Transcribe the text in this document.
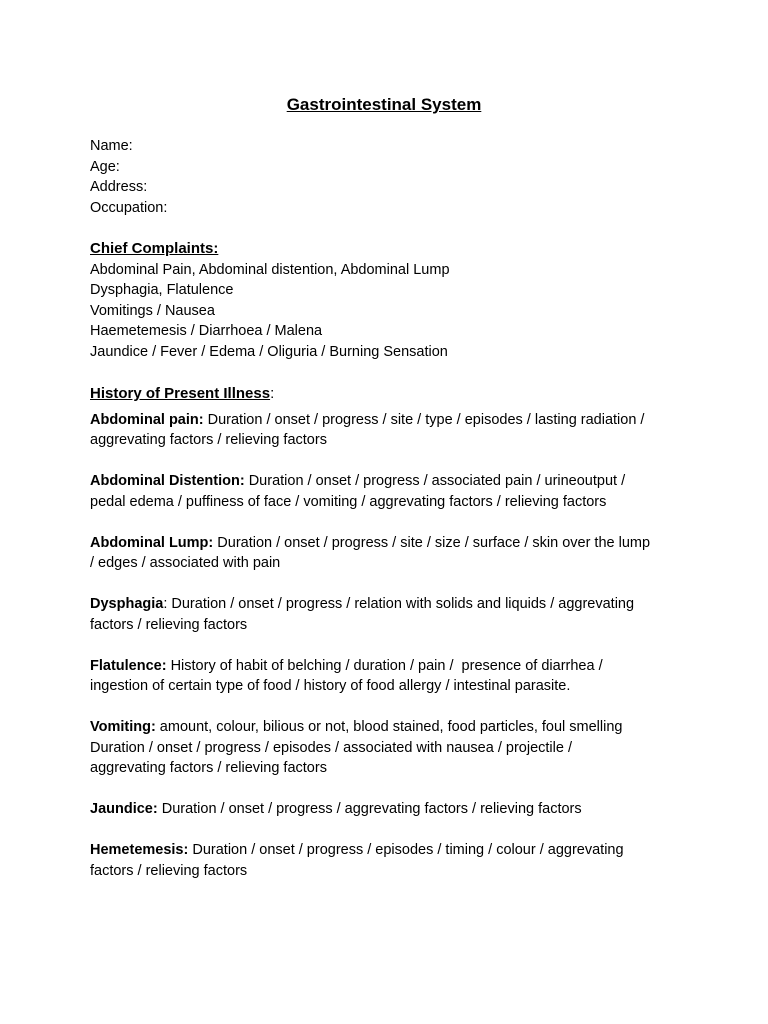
Gastrointestinal System
Name:
Age:
Address:
Occupation:
Chief Complaints:
Abdominal Pain, Abdominal distention, Abdominal Lump
Dysphagia, Flatulence
Vomitings / Nausea
Haemetemesis / Diarrhoea / Malena
Jaundice / Fever / Edema / Oliguria / Burning Sensation
History of Present Illness:
Abdominal pain: Duration / onset / progress / site / type / episodes / lasting radiation /
aggrevating factors / relieving factors
Abdominal Distention: Duration / onset / progress / associated pain / urineoutput /
pedal edema / puffiness of face / vomiting / aggrevating factors / relieving factors
Abdominal Lump: Duration / onset / progress / site / size / surface / skin over the lump
/ edges / associated with pain
Dysphagia: Duration / onset / progress / relation with solids and liquids / aggrevating
factors / relieving factors
Flatulence: History of habit of belching / duration / pain /  presence of diarrhea /
ingestion of certain type of food / history of food allergy / intestinal parasite.
Vomiting: amount, colour, bilious or not, blood stained, food particles, foul smelling
Duration / onset / progress / episodes / associated with nausea / projectile /
aggrevating factors / relieving factors
Jaundice: Duration / onset / progress / aggrevating factors / relieving factors
Hemetemesis: Duration / onset / progress / episodes / timing / colour / aggrevating
factors / relieving factors
